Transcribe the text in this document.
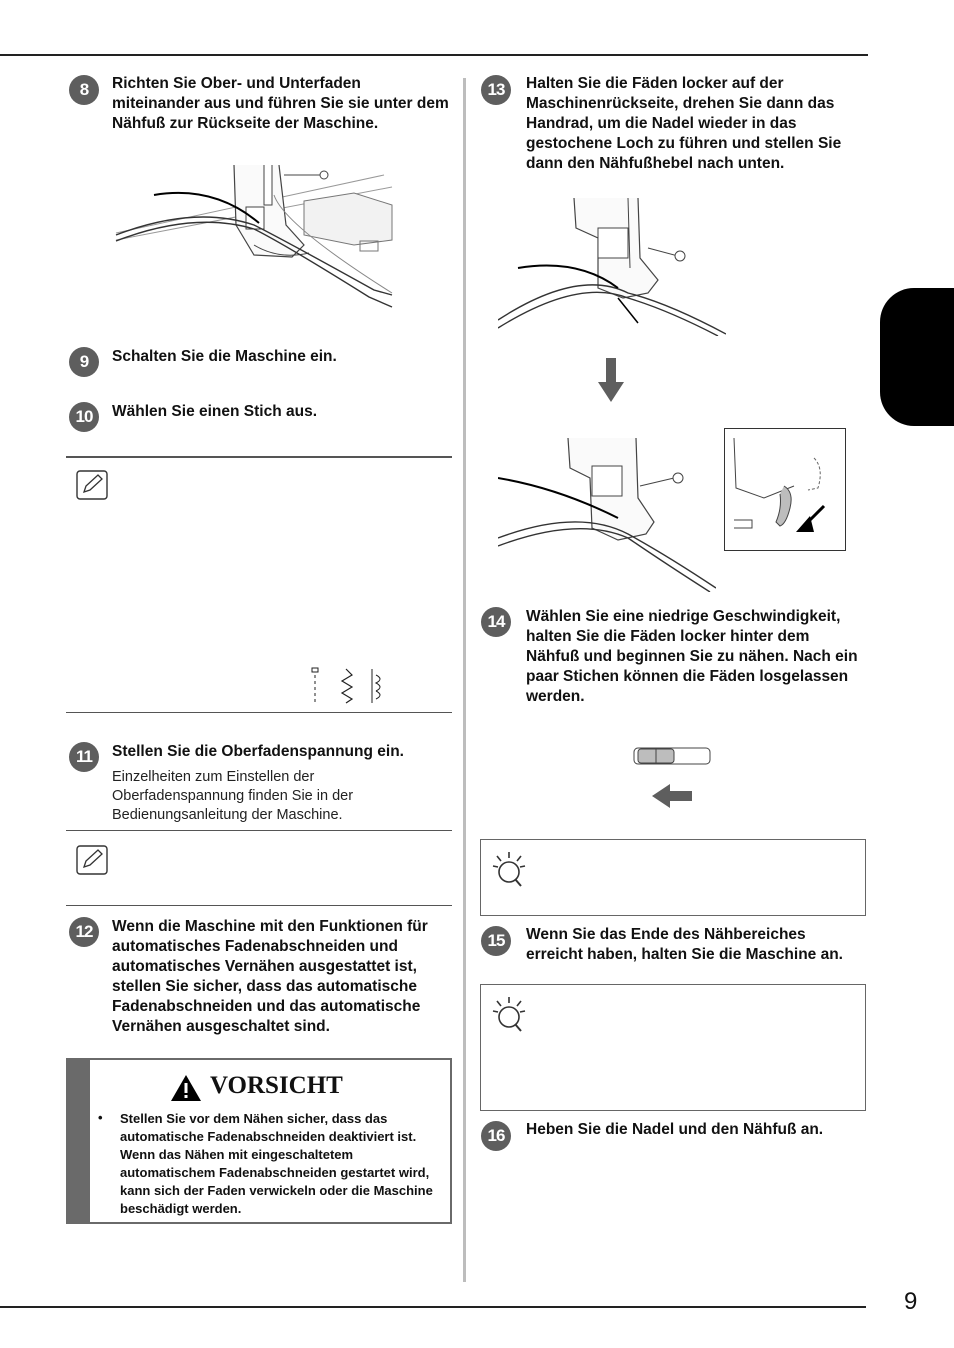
9
8	Richten Sie Ober- und Unterfaden miteinander aus und führen Sie sie unter dem Nähfuß zur Rückseite der Maschine.
9	Schalten Sie die Maschine ein.
10	Wählen Sie einen Stich aus.
11	Stellen Sie die Oberfadenspannung ein.
Einzelheiten zum Einstellen der Oberfadenspannung finden Sie in der Bedienungsanleitung der Maschine.
12	Wenn die Maschine mit den Funktionen für automatisches Fadenabschneiden und automatisches Vernähen ausgestattet ist, stellen Sie sicher, dass das automatische Fadenabschneiden und das automatische Vernähen ausgeschaltet sind.
VORSICHT
• Stellen Sie vor dem Nähen sicher, dass das automatische Fadenabschneiden deaktiviert ist. Wenn das Nähen mit eingeschaltetem automatischem Fadenabschneiden gestartet wird, kann sich der Faden verwickeln oder die Maschine beschädigt werden.
13	Halten Sie die Fäden locker auf der Maschinenrückseite, drehen Sie dann das Handrad, um die Nadel wieder in das gestochene Loch zu führen und stellen Sie dann den Nähfußhebel nach unten.
14	Wählen Sie eine niedrige Geschwindigkeit, halten Sie die Fäden locker hinter dem Nähfuß und beginnen Sie zu nähen. Nach ein paar Stichen können die Fäden losgelassen werden.
15	Wenn Sie das Ende des Nähbereiches erreicht haben, halten Sie die Maschine an.
16	Heben Sie die Nadel und den Nähfuß an.
